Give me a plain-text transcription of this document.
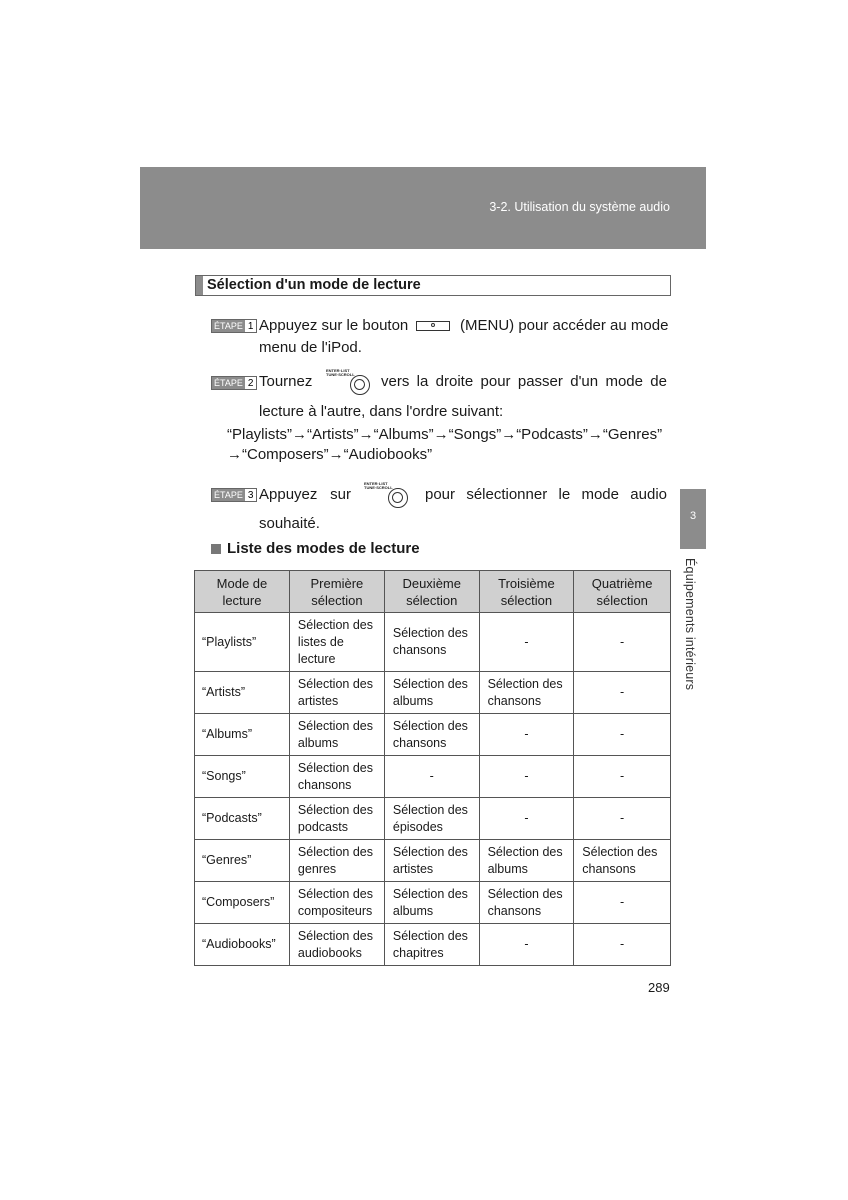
3-2. Utilisation du système audio
3
Équipements intérieurs
Sélection d'un mode de lecture
ÉTAPE 1 Appuyez sur le bouton	(MENU) pour accéder au mode
menu de l'iPod.
ÉTAPE 2 Tournez
ENTER·LIST
TUNE·SCROLL vers la droite pour passer d'un mode de
lecture à l'autre, dans l'ordre suivant:
“Playlists”→“Artists”→“Albums”→“Songs”→“Podcasts”→“Genres”
→“Composers”→“Audiobooks”
ÉTAPE 3 Appuyez sur
ENTER·LIST
TUNE·SCROLL pour sélectionner le mode audio
souhaité.
Liste des modes de lecture
Mode de lecture	Première sélection	Deuxième sélection	Troisième sélection	Quatrième sélection
“Playlists”	Sélection des listes de lecture	Sélection des chansons	-	-
“Artists”	Sélection des artistes	Sélection des albums	Sélection des chansons	-
“Albums”	Sélection des albums	Sélection des chansons	-	-
“Songs”	Sélection des chansons	-	-	-
“Podcasts”	Sélection des podcasts	Sélection des épisodes	-	-
“Genres”	Sélection des genres	Sélection des artistes	Sélection des albums	Sélection des chansons
“Composers”	Sélection des compositeurs	Sélection des albums	Sélection des chansons	-
“Audiobooks”	Sélection des audiobooks	Sélection des chapitres	-	-
289
